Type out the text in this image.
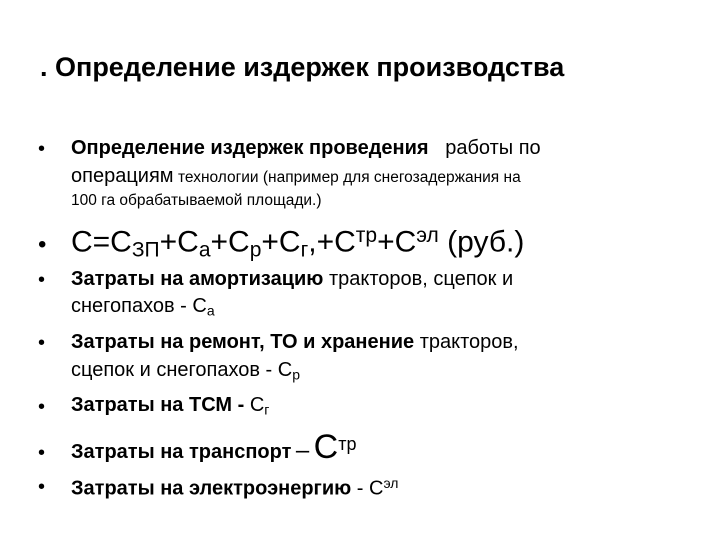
. Определение издержек производства
• Определение издержек проведения работы по
операциям технологии (например для снегозадержания на
100 га обрабатываемой площади.)
• $С=С_{ЗП}+С_а+С_р+С_г,+С^{тр}+С^{эл}$ (руб.)
• Затраты на амортизацию тракторов, сцепок и
снегопахов - $С_а$
• Затраты на ремонт, ТО и хранение тракторов,
сцепок и снегопахов - $С_р$
• Затраты на ТСМ - $С_г$
• Затраты на транспорт – $С^{тр}$
• Затраты на электроэнергию - $С^{эл}$
